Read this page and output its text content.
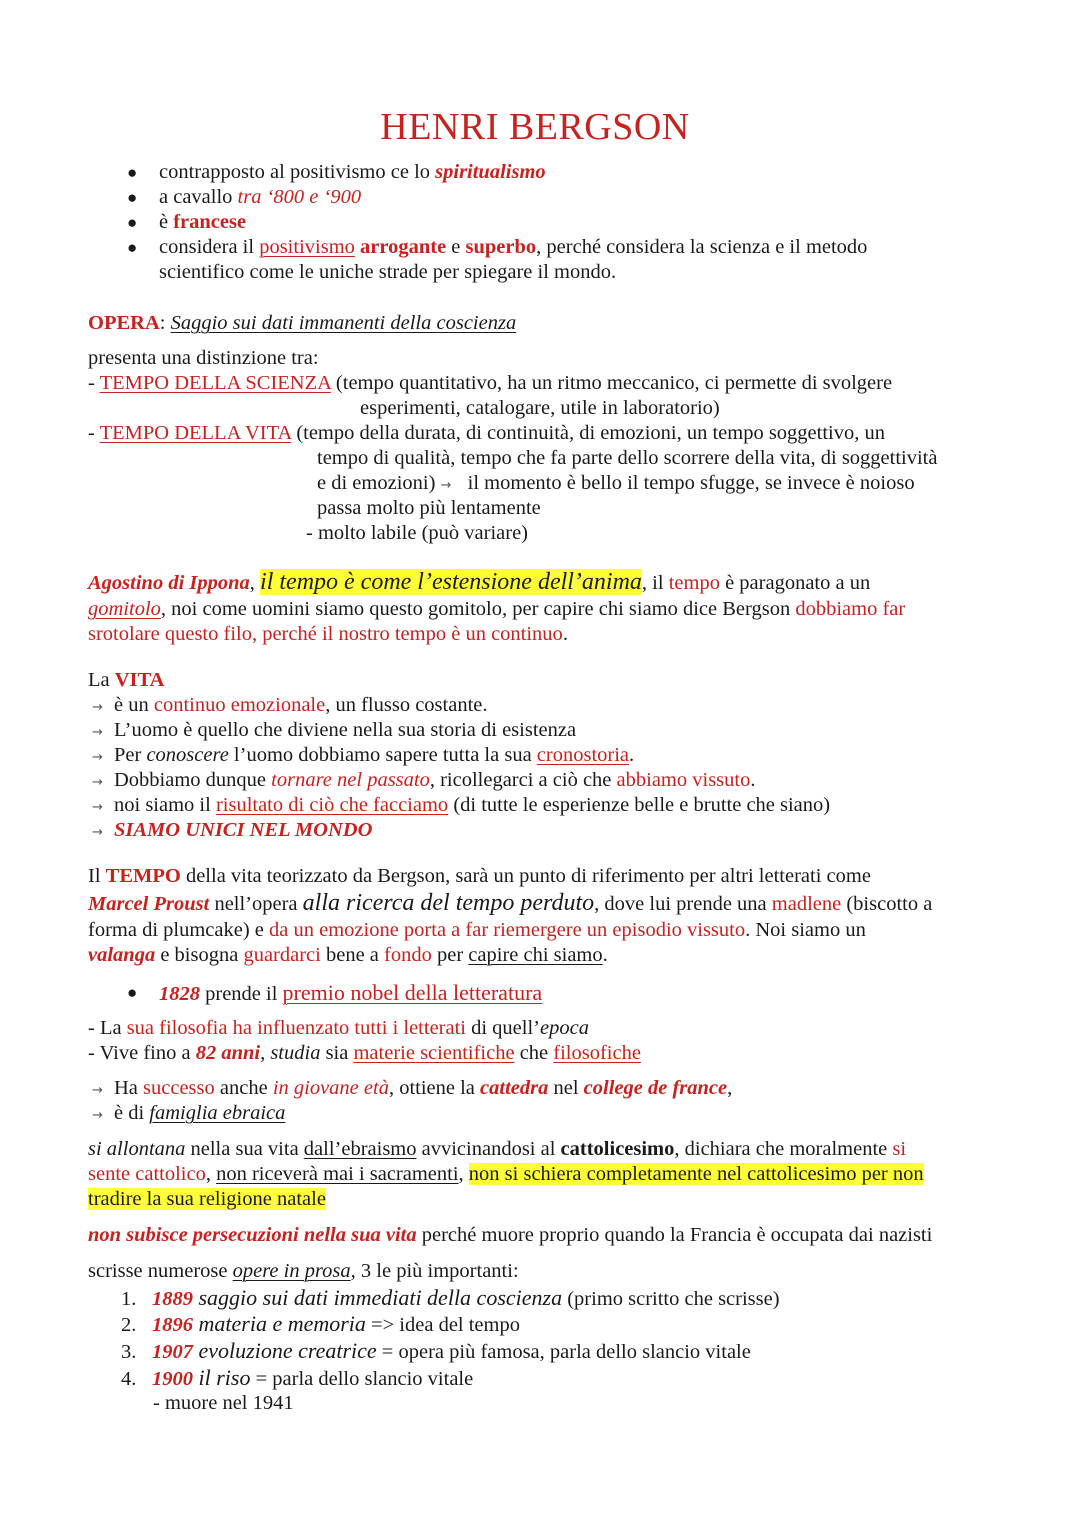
HENRI BERGSON
● contrapposto al positivismo ce lo spiritualismo
● a cavallo tra ‘800 e ‘900
● è francese
● considera il positivismo arrogante e superbo, perché considera la scienza e il metodo
scientifico come le uniche strade per spiegare il mondo.
OPERA: Saggio sui dati immanenti della coscienza
presenta una distinzione tra:
- TEMPO DELLA SCIENZA (tempo quantitativo, ha un ritmo meccanico, ci permette di svolgere
esperimenti, catalogare, utile in laboratorio)
- TEMPO DELLA VITA (tempo della durata, di continuità, di emozioni, un tempo soggettivo, un
tempo di qualità, tempo che fa parte dello scorrere della vita, di soggettività
e di emozioni) → il momento è bello il tempo sfugge, se invece è noioso
passa molto più lentamente
- molto labile (può variare)
Agostino di Ippona, il tempo è come l’estensione dell’anima, il tempo è paragonato a un
gomitolo, noi come uomini siamo questo gomitolo, per capire chi siamo dice Bergson dobbiamo far
srotolare questo filo, perché il nostro tempo è un continuo.
La VITA
→ è un continuo emozionale, un flusso costante.
→ L’uomo è quello che diviene nella sua storia di esistenza
→ Per conoscere l’uomo dobbiamo sapere tutta la sua cronostoria.
→ Dobbiamo dunque tornare nel passato, ricollegarci a ciò che abbiamo vissuto.
→ noi siamo il risultato di ciò che facciamo (di tutte le esperienze belle e brutte che siano)
→ SIAMO UNICI NEL MONDO
Il TEMPO della vita teorizzato da Bergson, sarà un punto di riferimento per altri letterati come
Marcel Proust nell’opera alla ricerca del tempo perduto, dove lui prende una madlene (biscotto a
forma di plumcake) e da un emozione porta a far riemergere un episodio vissuto. Noi siamo un
valanga e bisogna guardarci bene a fondo per capire chi siamo.
● 1828 prende il premio nobel della letteratura
- La sua filosofia ha influenzato tutti i letterati di quell’epoca
- Vive fino a 82 anni, studia sia materie scientifiche che filosofiche
→ Ha successo anche in giovane età, ottiene la cattedra nel college de france,
→ è di famiglia ebraica
si allontana nella sua vita dall’ebraismo avvicinandosi al cattolicesimo, dichiara che moralmente si
sente cattolico, non riceverà mai i sacramenti, non si schiera completamente nel cattolicesimo per non
tradire la sua religione natale
non subisce persecuzioni nella sua vita perché muore proprio quando la Francia è occupata dai nazisti
scrisse numerose opere in prosa, 3 le più importanti:
1. 1889 saggio sui dati immediati della coscienza (primo scritto che scrisse)
2. 1896 materia e memoria => idea del tempo
3. 1907 evoluzione creatrice = opera più famosa, parla dello slancio vitale
4. 1900 il riso = parla dello slancio vitale
- muore nel 1941
